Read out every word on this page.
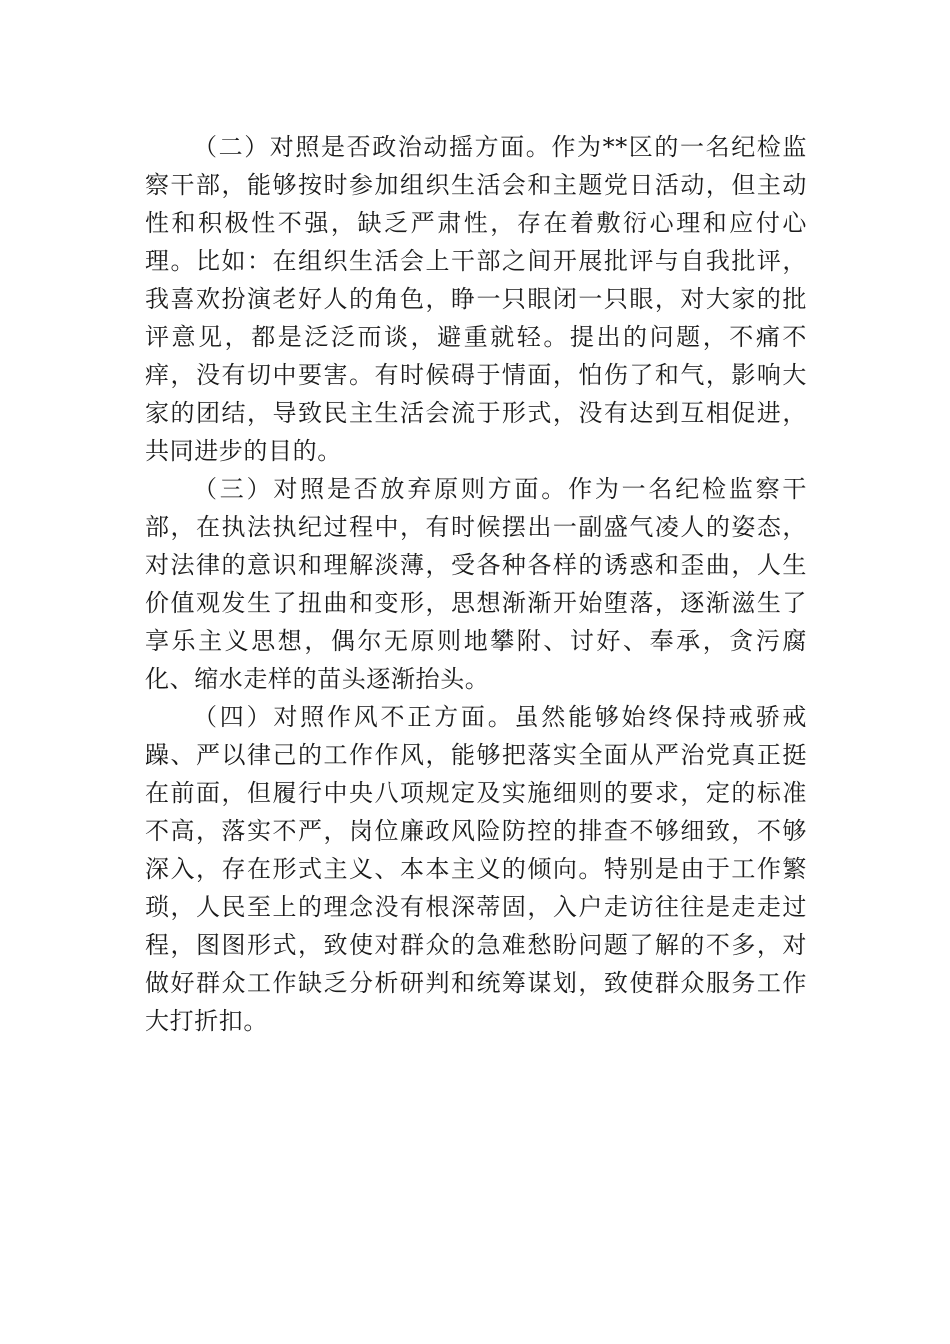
（二）对照是否政治动摇方面。作为**区的一名纪检监察干部，能够按时参加组织生活会和主题党日活动，但主动性和积极性不强，缺乏严肃性，存在着敷衍心理和应付心理。比如：在组织生活会上干部之间开展批评与自我批评，我喜欢扮演老好人的角色，睁一只眼闭一只眼，对大家的批评意见，都是泛泛而谈，避重就轻。提出的问题，不痛不痒，没有切中要害。有时候碍于情面，怕伤了和气，影响大家的团结，导致民主生活会流于形式，没有达到互相促进，共同进步的目的。

（三）对照是否放弃原则方面。作为一名纪检监察干部，在执法执纪过程中，有时候摆出一副盛气凌人的姿态，对法律的意识和理解淡薄，受各种各样的诱惑和歪曲，人生价值观发生了扭曲和变形，思想渐渐开始堕落，逐渐滋生了享乐主义思想，偶尔无原则地攀附、讨好、奉承，贪污腐化、缩水走样的苗头逐渐抬头。

（四）对照作风不正方面。虽然能够始终保持戒骄戒躁、严以律己的工作作风，能够把落实全面从严治党真正挺在前面，但履行中央八项规定及实施细则的要求，定的标准不高，落实不严，岗位廉政风险防控的排查不够细致，不够深入，存在形式主义、本本主义的倾向。特别是由于工作繁琐，人民至上的理念没有根深蒂固，入户走访往往是走走过程，图图形式，致使对群众的急难愁盼问题了解的不多，对做好群众工作缺乏分析研判和统筹谋划，致使群众服务工作大打折扣。
